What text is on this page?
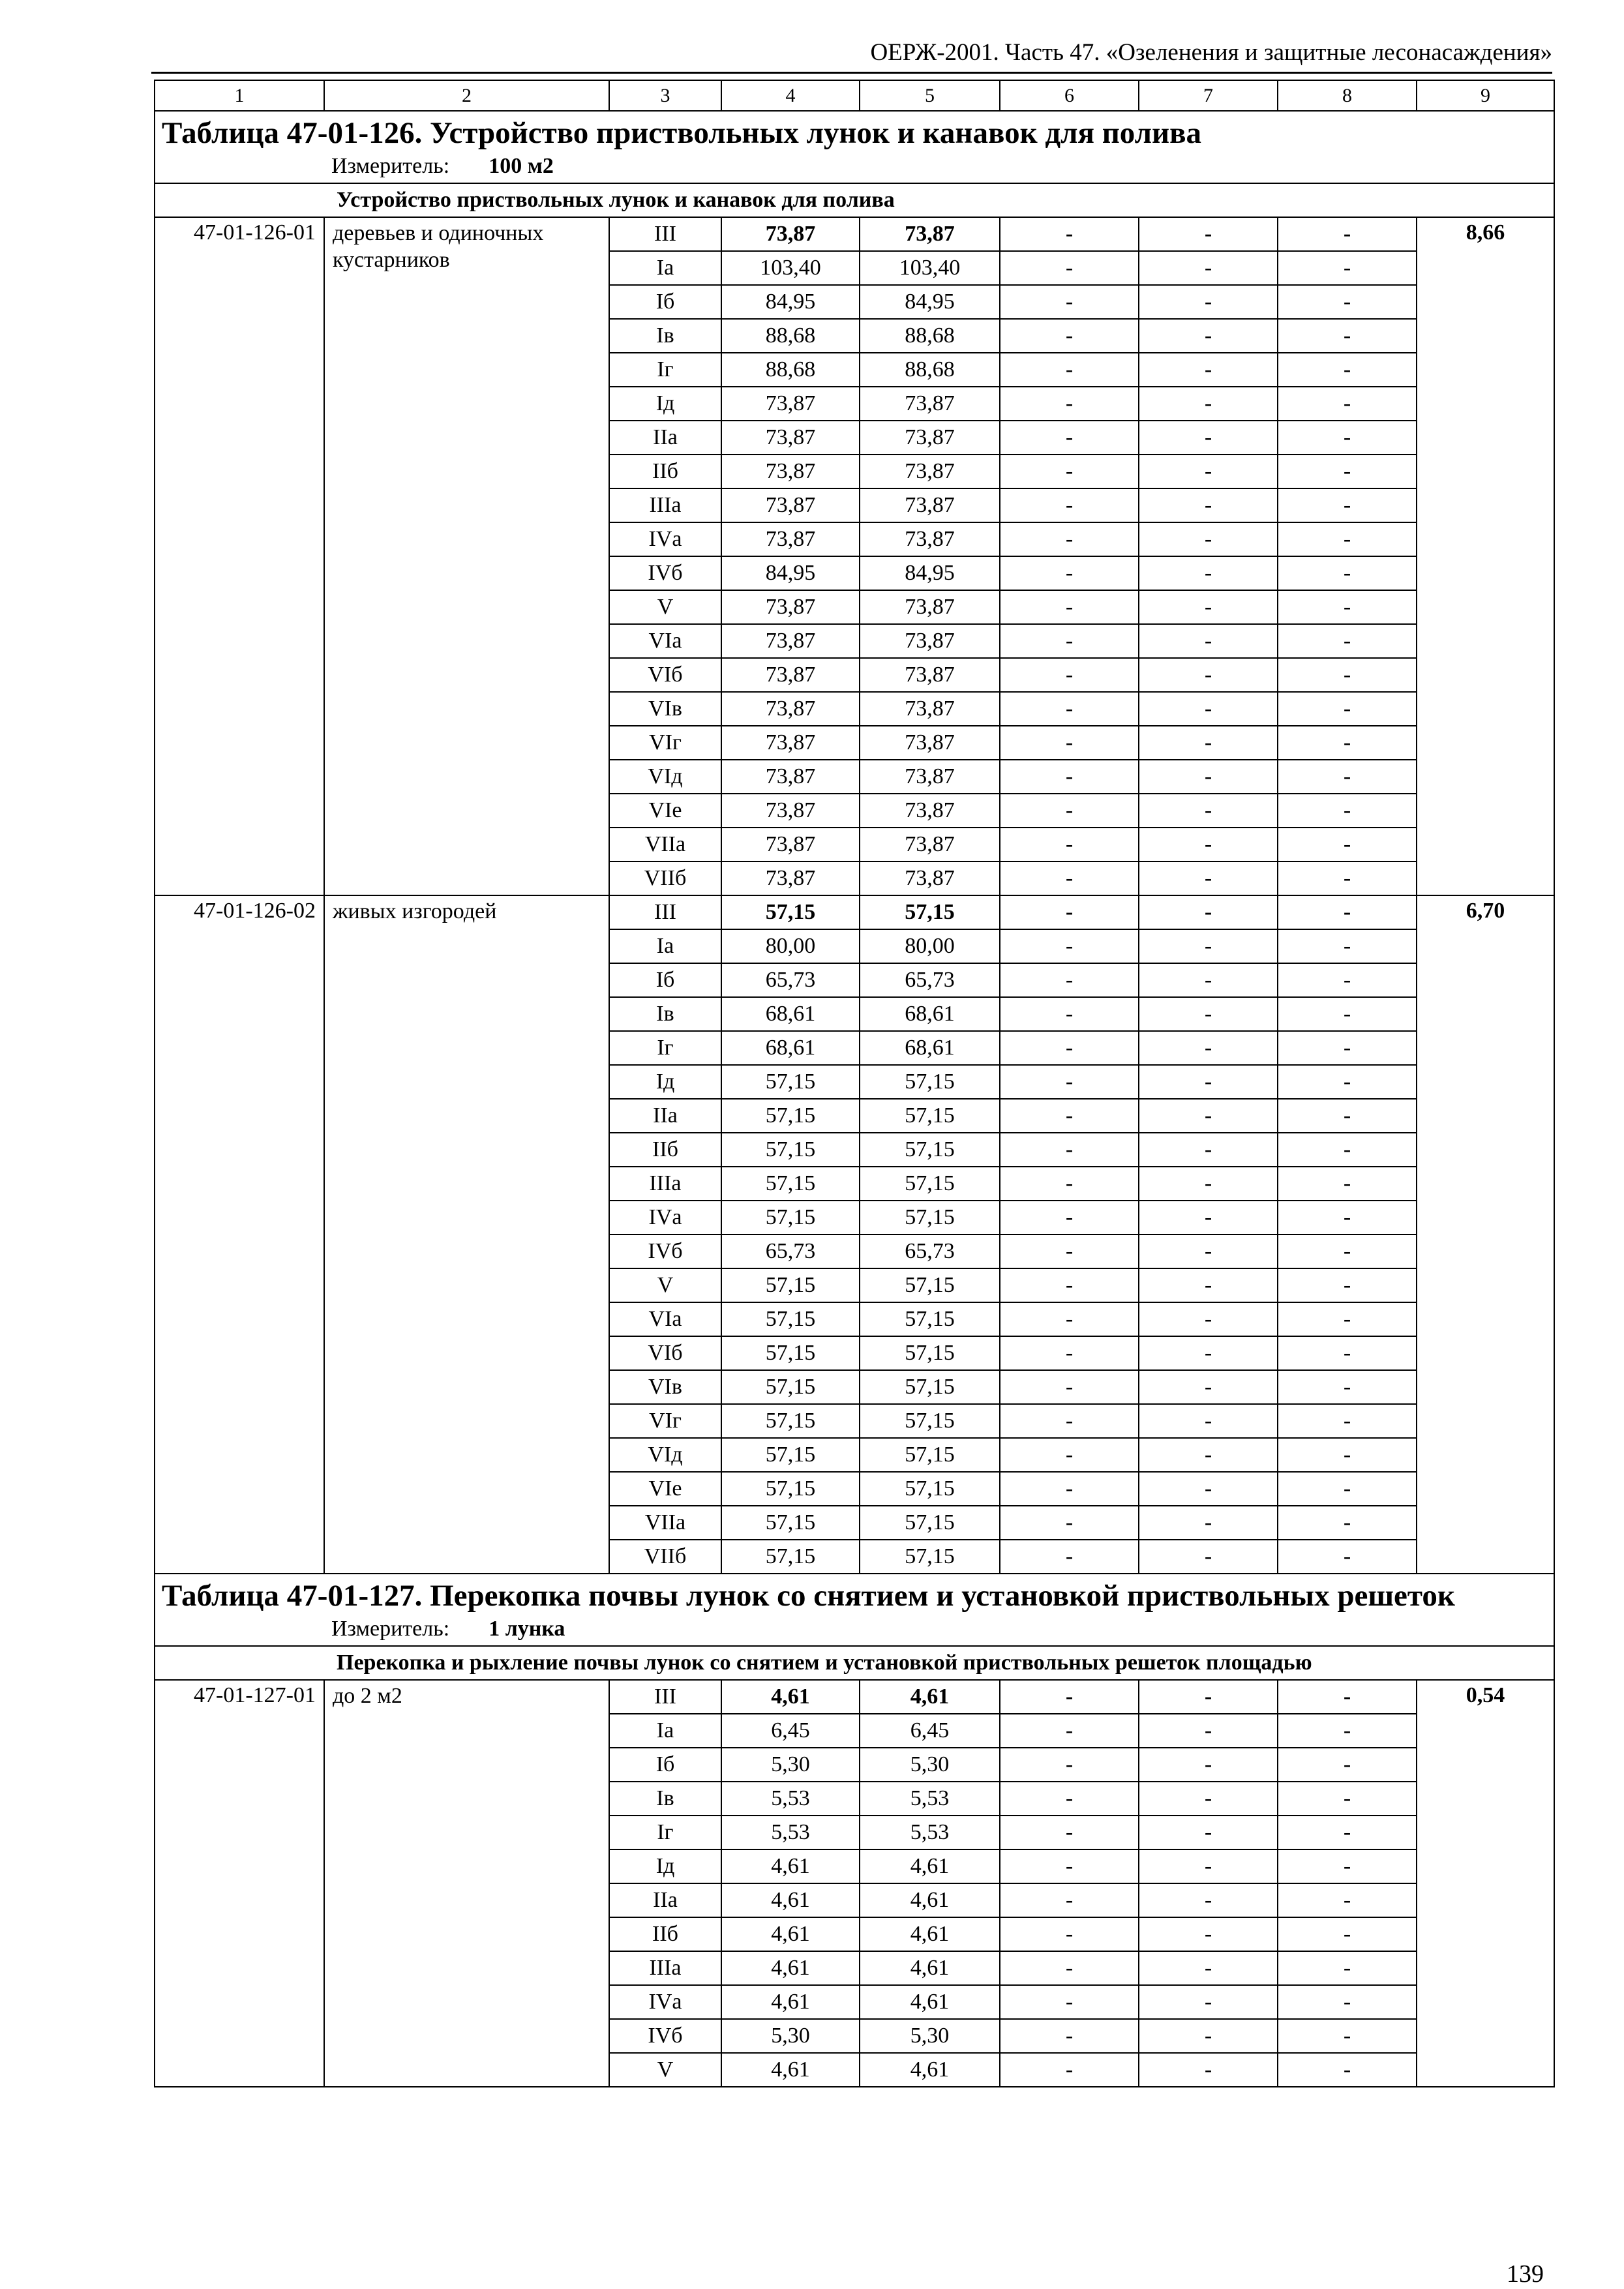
ОЕРЖ-2001. Часть 47. «Озеленения и защитные лесонасаждения»
1	2	3	4	5	6	7	8	9

Таблица 47-01-126. Устройство приствольных лунок и канавок для полива
Измеритель: 100 м2								

Устройство приствольных лунок и канавок для полива								
47-01-126-01	деревьев и одиночных кустарников	III	73,87	73,87	-	-	-	8,66
		Iа	103,40	103,40	-	-	-	
		Iб	84,95	84,95	-	-	-	
		Iв	88,68	88,68	-	-	-	
		Iг	88,68	88,68	-	-	-	
		Iд	73,87	73,87	-	-	-	
		IIа	73,87	73,87	-	-	-	
		IIб	73,87	73,87	-	-	-	
		IIIа	73,87	73,87	-	-	-	
		IVа	73,87	73,87	-	-	-	
		IVб	84,95	84,95	-	-	-	
		V	73,87	73,87	-	-	-	
		VIа	73,87	73,87	-	-	-	
		VIб	73,87	73,87	-	-	-	
		VIв	73,87	73,87	-	-	-	
		VIг	73,87	73,87	-	-	-	
		VIд	73,87	73,87	-	-	-	
		VIе	73,87	73,87	-	-	-	
		VIIа	73,87	73,87	-	-	-	
		VIIб	73,87	73,87	-	-	-	
47-01-126-02	живых изгородей	III	57,15	57,15	-	-	-	6,70
		Iа	80,00	80,00	-	-	-	
		Iб	65,73	65,73	-	-	-	
		Iв	68,61	68,61	-	-	-	
		Iг	68,61	68,61	-	-	-	
		Iд	57,15	57,15	-	-	-	
		IIа	57,15	57,15	-	-	-	
		IIб	57,15	57,15	-	-	-	
		IIIа	57,15	57,15	-	-	-	
		IVа	57,15	57,15	-	-	-	
		IVб	65,73	65,73	-	-	-	
		V	57,15	57,15	-	-	-	
		VIа	57,15	57,15	-	-	-	
		VIб	57,15	57,15	-	-	-	
		VIв	57,15	57,15	-	-	-	
		VIг	57,15	57,15	-	-	-	
		VIд	57,15	57,15	-	-	-	
		VIе	57,15	57,15	-	-	-	
		VIIа	57,15	57,15	-	-	-	
		VIIб	57,15	57,15	-	-	-	

Таблица 47-01-127. Перекопка почвы лунок со снятием и установкой приствольных решеток
Измеритель: 1 лунка								

Перекопка и рыхление почвы лунок со снятием и установкой приствольных решеток площадью								
47-01-127-01	до 2 м2	III	4,61	4,61	-	-	-	0,54
		Iа	6,45	6,45	-	-	-	
		Iб	5,30	5,30	-	-	-	
		Iв	5,53	5,53	-	-	-	
		Iг	5,53	5,53	-	-	-	
		Iд	4,61	4,61	-	-	-	
		IIа	4,61	4,61	-	-	-	
		IIб	4,61	4,61	-	-	-	
		IIIа	4,61	4,61	-	-	-	
		IVа	4,61	4,61	-	-	-	
		IVб	5,30	5,30	-	-	-	
		V	4,61	4,61	-	-	-	
139
